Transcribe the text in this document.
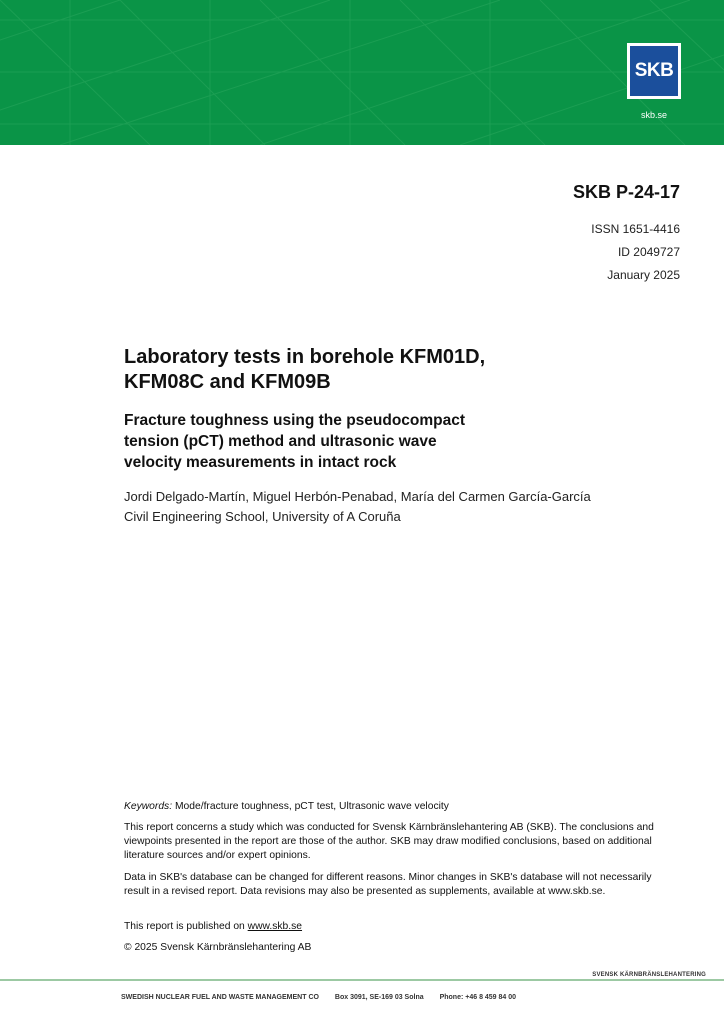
SKB
skb.se
SKB P-24-17
ISSN 1651-4416
ID 2049727
January 2025
Laboratory tests in borehole KFM01D,
KFM08C and KFM09B
Fracture toughness using the pseudocompact
tension (pCT) method and ultrasonic wave
velocity measurements in intact rock
Jordi Delgado-Martín, Miguel Herbón-Penabad, María del Carmen García-García
Civil Engineering School, University of A Coruña
Keywords: Mode/fracture toughness, pCT test, Ultrasonic wave velocity
This report concerns a study which was conducted for Svensk Kärnbränslehantering AB (SKB). The conclusions and viewpoints presented in the report are those of the author. SKB may draw modified conclusions, based on additional literature sources and/or expert opinions.
Data in SKB's database can be changed for different reasons. Minor changes in SKB's database will not necessarily result in a revised report. Data revisions may also be presented as supplements, available at www.skb.se.
This report is published on www.skb.se
© 2025 Svensk Kärnbränslehantering AB
SVENSK KÄRNBRÄNSLEHANTERING
SWEDISH NUCLEAR FUEL AND WASTE MANAGEMENT CO Box 3091, SE-169 03 Solna Phone: +46 8 459 84 00
